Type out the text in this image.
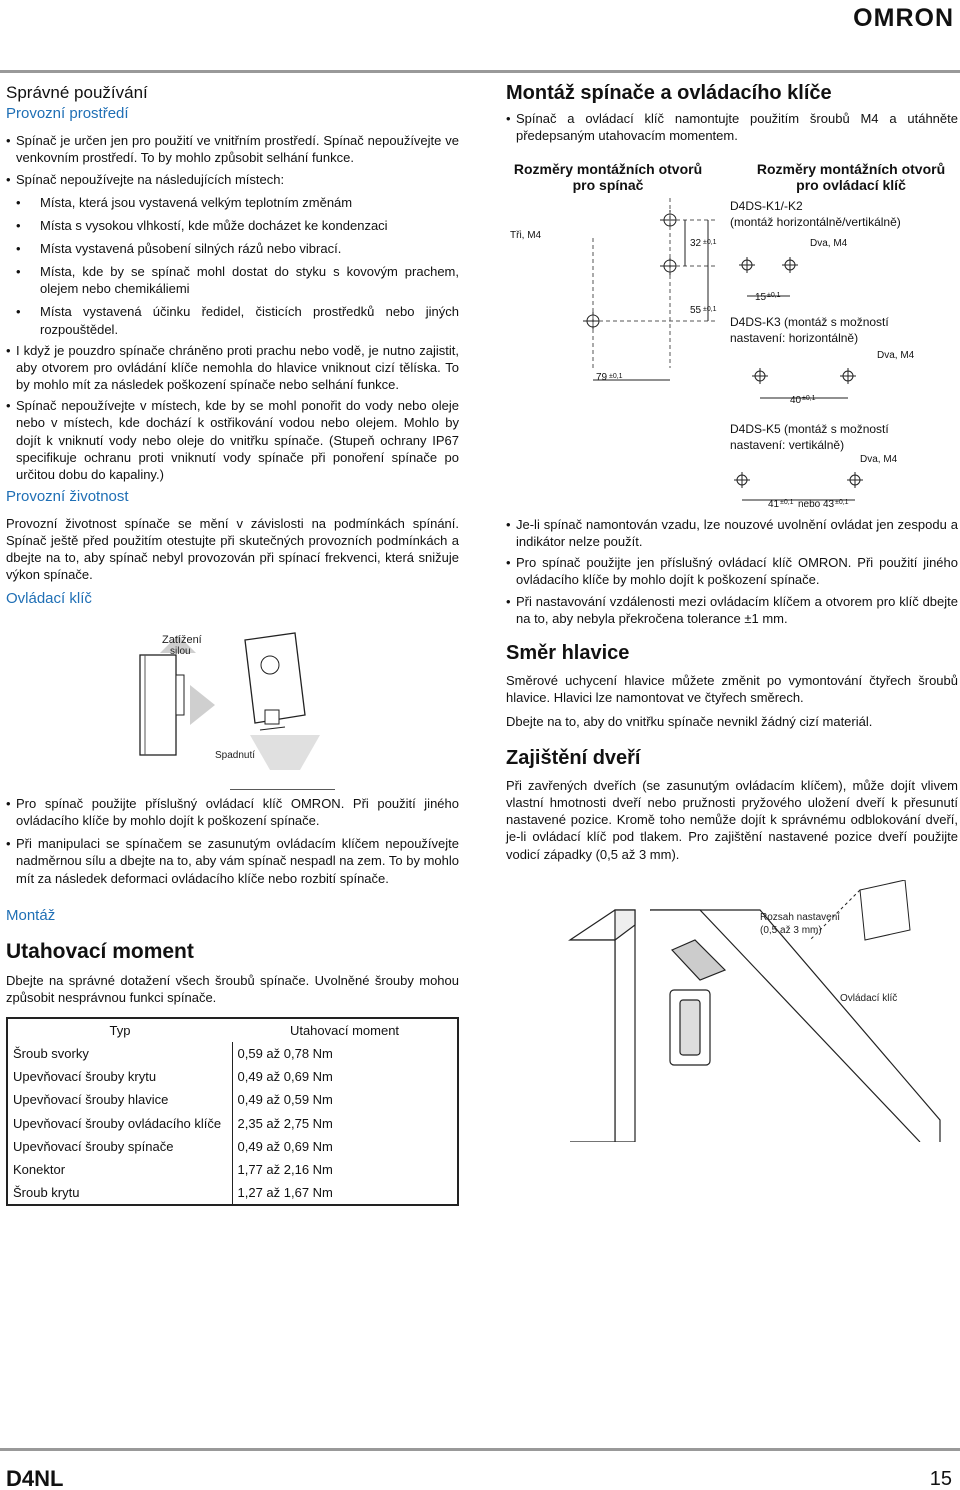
OMRON
Správné používání
Provozní prostředí
• Spínač je určen jen pro použití ve vnitřním prostředí. Spínač nepoužívejte ve venkovním prostředí. To by mohlo způsobit selhání funkce.
• Spínač nepoužívejte na následujících místech:
• Místa, která jsou vystavená velkým teplotním změnám
• Místa s vysokou vlhkostí, kde může docházet ke kondenzaci
• Místa vystavená působení silných rázů nebo vibrací.
• Místa, kde by se spínač mohl dostat do styku s kovovým prachem, olejem nebo chemikáliemi
• Místa vystavená účinku ředidel, čisticích prostředků nebo jiných rozpouštědel.
• I když je pouzdro spínače chráněno proti prachu nebo vodě, je nutno zajistit, aby otvorem pro ovládání klíče nemohla do hlavice vniknout cizí tělíska. To by mohlo mít za následek poškození spínače nebo selhání funkce.
• Spínač nepoužívejte v místech, kde by se mohl ponořit do vody nebo oleje nebo v místech, kde dochází k ostřikování vodou nebo olejem. Mohlo by dojít k vniknutí vody nebo oleje do vnitřku spínače. (Stupeň ochrany IP67 specifikuje ochranu proti vniknutí vody spínače při ponoření spínače po určitou dobu do kapaliny.)
Provozní životnost

Provozní životnost spínače se mění v závislosti na podmínkách spínání. Spínač ještě před použitím otestujte při skutečných provozních podmínkách a dbejte na to, aby spínač nebyl provozován při spínací frekvenci, která snižuje výkon spínače.

Ovládací klíč
Zatížení
silou
Spadnutí
• Pro spínač použijte příslušný ovládací klíč OMRON. Při použití jiného ovládacího klíče by mohlo dojít k poškození spínače.
• Při manipulaci se spínačem se zasunutým ovládacím klíčem nepoužívejte nadměrnou sílu a dbejte na to, aby vám spínač nespadl na zem. To by mohlo mít za následek deformaci ovládacího klíče nebo rozbití spínače.
Montáž
Utahovací moment

Dbejte na správné dotažení všech šroubů spínače. Uvolněné šrouby mohou způsobit nesprávnou funkci spínače.

Typ	Utahovací moment
Šroub svorky	0,59 až 0,78 Nm
Upevňovací šrouby krytu	0,49 až 0,69 Nm
Upevňovací šrouby hlavice	0,49 až 0,59 Nm
Upevňovací šrouby ovládacího klíče	2,35 až 2,75 Nm
Upevňovací šrouby spínače	0,49 až 0,69 Nm
Konektor	1,77 až 2,16 Nm
Šroub krytu	1,27 až 1,67 Nm
Montáž spínače a ovládacího klíče
• Spínač a ovládací klíč namontujte použitím šroubů M4 a utáhněte předepsaným utahovacím momentem.
Rozměry montážních otvorů
pro spínač
Rozměry montážních otvorů
pro ovládací klíč
Tři, M4
32 ±0,1
55 ±0,1
79 ±0,1
D4DS-K1/-K2
(montáž horizontálně/vertikálně)
Dva, M4
15 ±0,1
D4DS-K3 (montáž s možností
nastavení: horizontálně)
Dva, M4
40 ±0,1
D4DS-K5 (montáž s možností
nastavení: vertikálně)
Dva, M4
41 ±0,1 nebo 43 ±0,1
• Je-li spínač namontován vzadu, lze nouzové uvolnění ovládat jen zespodu a indikátor nelze použít.
• Pro spínač použijte jen příslušný ovládací klíč OMRON. Při použití jiného ovládacího klíče by mohlo dojít k poškození spínače.
• Při nastavování vzdálenosti mezi ovládacím klíčem a otvorem pro klíč dbejte na to, aby nebyla překročena tolerance ±1 mm.
Směr hlavice

Směrové uchycení hlavice můžete změnit po vymontování čtyřech šroubů hlavice. Hlavici lze namontovat ve čtyřech směrech.

Dbejte na to, aby do vnitřku spínače nevnikl žádný cizí materiál.

Zajištění dveří

Při zavřených dveřích (se zasunutým ovládacím klíčem), může dojít vlivem vlastní hmotnosti dveří nebo pružnosti pryžového uložení dveří k přesunutí nastavené pozice. Kromě toho nemůže dojít k správnému odblokování dveří, je-li ovládací klíč pod tlakem. Pro zajištění nastavené pozice dveří použijte vodicí západky (0,5 až 3 mm).

Rozsah nastavení
(0,5 až 3 mm)
Ovládací klíč
D4NL	15
